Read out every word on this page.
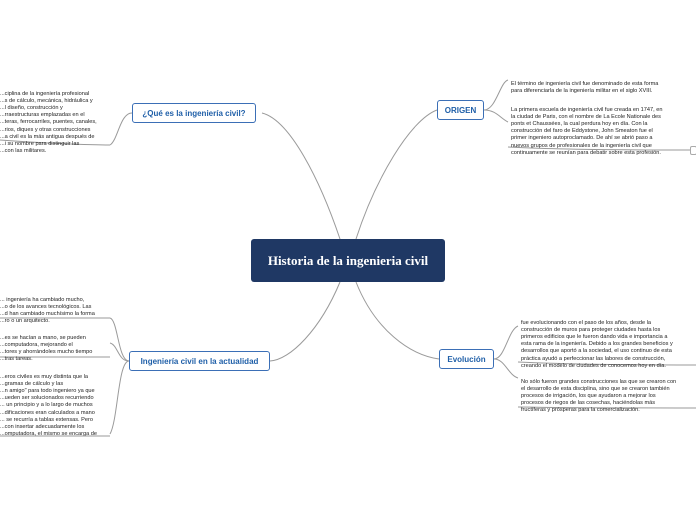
Historia de la ingenieria civil
¿Qué es la ingeniería civil?	ORIGEN
Ingeniería civil en la actualidad	Evolución

...ciplina de la ingeniería profesional
...s de cálculo, mecánica, hidráulica y
...l diseño, construcción y
...rraestructuras emplazadas en el
...teras, ferrocarriles, puentes, canales,
...rios, diques y otras construcciones
...a civil es la más antigua después de
...i su nombre para distinguir las
...con las militares.

El término de ingeniería civil fue denominado de esta forma
para diferenciarla de la ingeniería militar en el siglo XVIII.

La primera escuela de ingeniería civil fue creada en 1747, en
la ciudad de Paris, con el nombre de La Ecole Nationale des
ponts et Chaussées, la cual perdura hoy en día. Con la
construcción del faro de Eddystone, John Smeaton fue el
primer ingeniero autoproclamado. De ahí se abrió paso a
nuevos grupos de profesionales de la ingeniería civil que
continuamente se reunían para debatir sobre esta profesión.

... ingeniería ha cambiado mucho,
...o de los avances tecnológicos. Las
...d han cambiado muchísimo la forma
...ro o un arquitecto.

...es se hacían a mano, se pueden
...computadora, mejorando el
...tores y ahorrándoles mucho tiempo
...tras tareas.

...eros civiles es muy distinta que la
...gramas de cálculo y las
...n amigo" para todo ingeniero ya que
...ueden ser solucionados recurriendo
... un principio y a lo largo de muchos
...dificaciones eran calculados a mano
... se recurría a tablas extensas. Pero
...con insertar adecuadamente los
...omputadora, el mismo se encarga de

fue evolucionando con el paso de los años, desde la
construcción de muros para proteger ciudades hasta los
primeros edificios que le fueron dando vida e importancia a
esta rama de la ingeniería. Debido a los grandes beneficios y
desarrollos que aportó a la sociedad, el uso continuo de esta
práctica ayudó a perfeccionar las labores de construcción,
creando el modelo de ciudades de conocemos hoy en día.

No sólo fueron grandes construcciones las que se crearon con
el desarrollo de esta disciplina, sino que se crearon también
procesos de irrigación, los que ayudaron a mejorar los
procesos de riegos de las cosechas, haciéndolas más
fructíferas y prósperas para la comercialización.
